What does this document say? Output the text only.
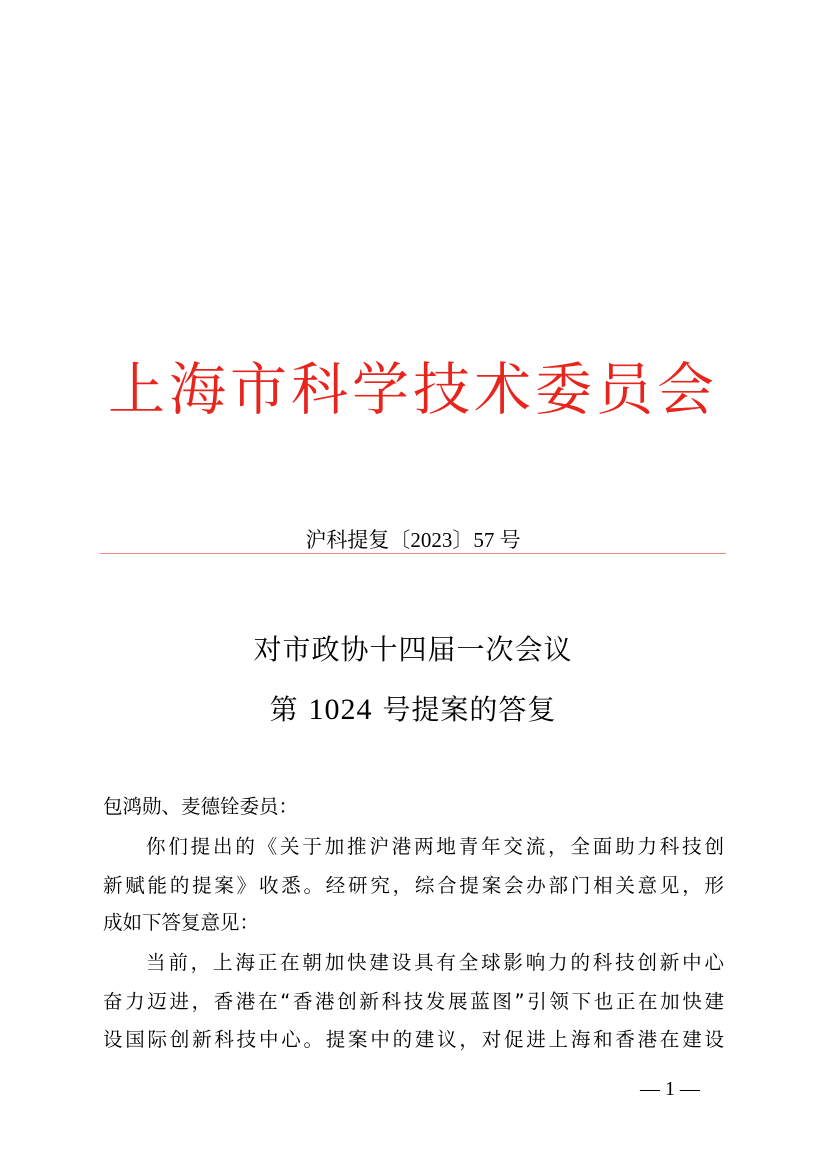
上海市科学技术委员会
沪科提复〔2023〕57 号
对市政协十四届一次会议
第 1024 号提案的答复
包鸿勋、麦德铨委员：
你们提出的《关于加推沪港两地青年交流，全面助力科技创
新赋能的提案》收悉。经研究，综合提案会办部门相关意见，形
成如下答复意见：
当前，上海正在朝加快建设具有全球影响力的科技创新中心
奋力迈进，香港在“香港创新科技发展蓝图”引领下也正在加快建
设国际创新科技中心。提案中的建议，对促进上海和香港在建设
— 1 —
